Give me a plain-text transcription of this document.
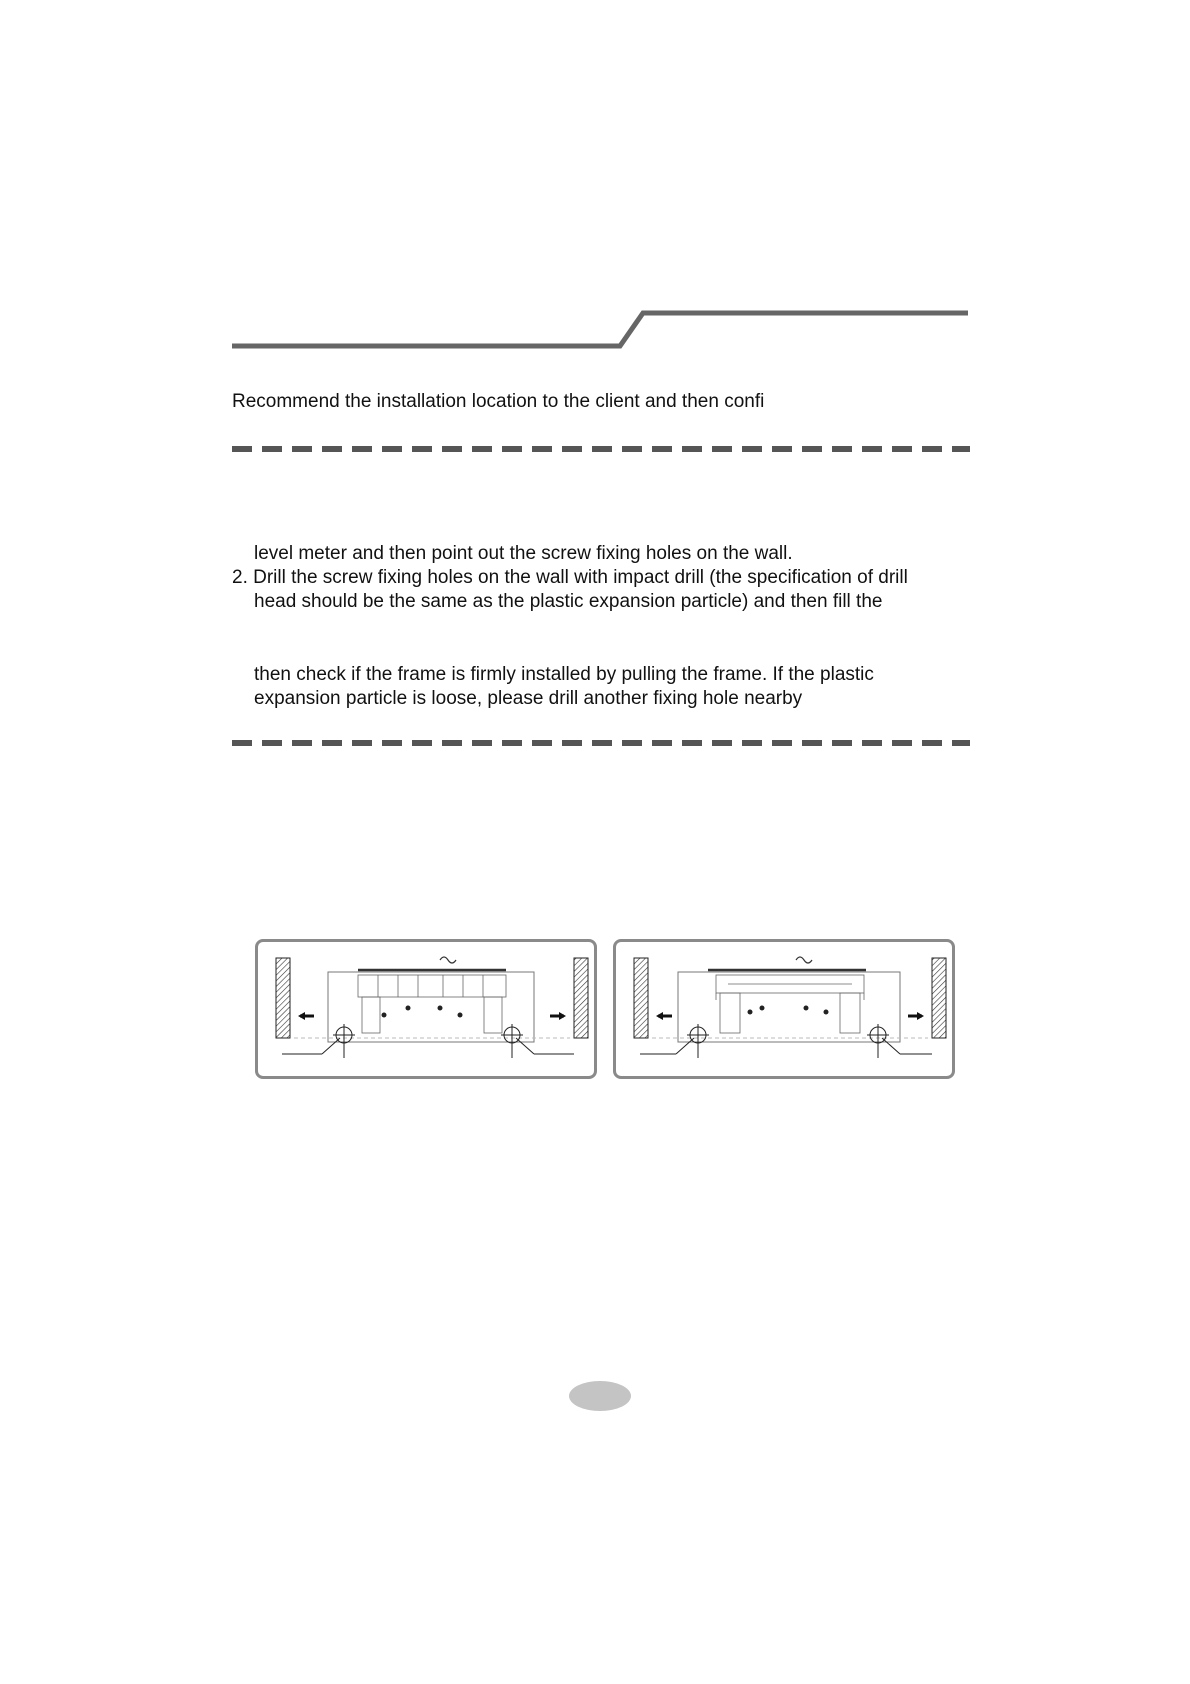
Recommend the installation location to the client and then confi
level meter and then point out the screw fixing holes on the wall.
2. Drill the screw fixing holes on the wall with impact drill (the specification of drill
head should be the same as the plastic expansion particle) and then fill the
then check if the frame is firmly installed by pulling the frame. If the plastic
expansion particle is loose, please drill another fixing hole nearby
